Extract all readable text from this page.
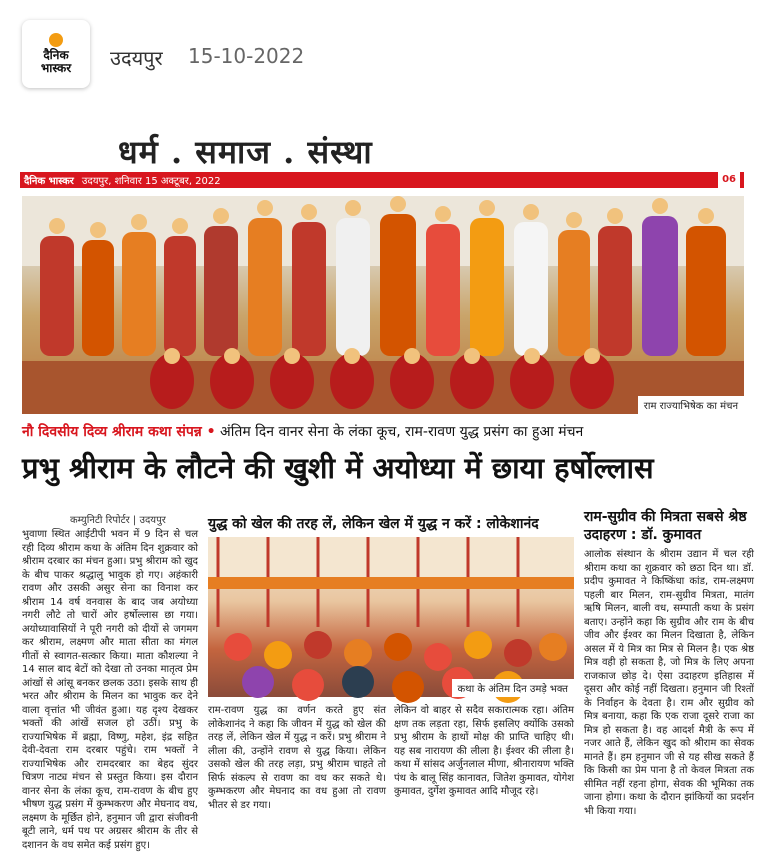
दैनिक
भास्कर उदयपुर 15-10-2022
धर्म . समाज . संस्था
दैनिक भास्कर उदयपुर, शनिवार 15 अक्टूबर, 2022	06
राम राज्याभिषेक का मंचन
नौ दिवसीय दिव्य श्रीराम कथा संपन्न • अंतिम दिन वानर सेना के लंका कूच, राम-रावण युद्ध प्रसंग का हुआ मंचन
प्रभु श्रीराम के लौटने की खुशी में अयोध्या में छाया हर्षोल्लास
कम्युनिटी रिपोर्टर | उदयपुर
भुवाणा स्थित आईटीपी भवन में 9 दिन से चल रही दिव्य श्रीराम कथा के अंतिम दिन शुक्रवार को श्रीराम दरबार का मंचन हुआ। प्रभु श्रीराम को खुद के बीच पाकर श्रद्धालु भावुक हो गए। अहंकारी रावण और उसकी असुर सेना का विनाश कर श्रीराम 14 वर्ष वनवास के बाद जब अयोध्या नगरी लौटे तो चारों ओर हर्षोल्लास छा गया। अयोध्यावासियों ने पूरी नगरी को दीयों से जगमग कर श्रीराम, लक्ष्मण और माता सीता का मंगल गीतों से स्वागत-सत्कार किया। माता कौशल्या ने 14 साल बाद बेटों को देखा तो उनका मातृत्व प्रेम आंखों से आंसू बनकर छलक उठा। इसके साथ ही भरत और श्रीराम के मिलन का भावुक कर देने वाला वृत्तांत भी जीवंत हुआ। यह दृश्य देखकर भक्तों की आंखें सजल हो उठीं। प्रभु के राज्याभिषेक में ब्रह्मा, विष्णु, महेश, इंद्र सहित देवी-देवता राम दरबार पहुंचे। राम भक्तों ने राज्याभिषेक और रामदरबार का बेहद सुंदर चित्रण नाट्य मंचन से प्रस्तुत किया। इस दौरान वानर सेना के लंका कूच, राम-रावण के बीच हुए भीषण युद्ध प्रसंग में कुम्भकरण और मेघनाद वध, लक्ष्मण के मूर्छित होने, हनुमान जी द्वारा संजीवनी बूटी लाने, धर्म पथ पर अग्रसर श्रीराम के तीर से दशानन के वध समेत कई प्रसंग हुए।
युद्ध को खेल की तरह लें, लेकिन खेल में युद्ध न करें : लोकेशानंद
कथा के अंतिम दिन उमड़े भक्त
राम-रावण युद्ध का वर्णन करते हुए संत लोकेशानंद ने कहा कि जीवन में युद्ध को खेल की तरह लें, लेकिन खेल में युद्ध न करें। प्रभु श्रीराम ने लीला की, उन्होंने रावण से युद्ध किया। लेकिन उसको खेल की तरह लड़ा, प्रभु श्रीराम चाहते तो सिर्फ संकल्प से रावण का वध कर सकते थे। कुम्भकरण और मेघनाद का वध हुआ तो रावण भीतर से डर गया।
लेकिन वो बाहर से सदैव सकारात्मक रहा। अंतिम क्षण तक लड़ता रहा, सिर्फ इसलिए क्योंकि उसको प्रभु श्रीराम के हाथों मोक्ष की प्राप्ति चाहिए थी। यह सब नारायण की लीला है। ईश्वर की लीला है। कथा में सांसद अर्जुनलाल मीणा, श्रीनारायण भक्ति पंथ के बालू सिंह कानावत, जितेश कुमावत, योगेश कुमावत, दुर्गेश कुमावत आदि मौजूद रहे।
राम-सुग्रीव की मित्रता सबसे श्रेष्ठ उदाहरण : डॉ. कुमावत
आलोक संस्थान के श्रीराम उद्यान में चल रही श्रीराम कथा का शुक्रवार को छठा दिन था। डॉ. प्रदीप कुमावत ने किष्किंधा कांड, राम-लक्ष्मण पहली बार मिलन, राम-सुग्रीव मित्रता, मातंग ऋषि मिलन, बाली वध, सम्पाती कथा के प्रसंग बताए। उन्होंने कहा कि सुग्रीव और राम के बीच जीव और ईश्वर का मिलन दिखाता है, लेकिन असल में ये मित्र का मित्र से मिलन है। एक श्रेष्ठ मित्र वही हो सकता है, जो मित्र के लिए अपना राजकाज छोड़ दे। ऐसा उदाहरण इतिहास में दूसरा और कोई नहीं दिखता। हनुमान जी रिश्तों के निर्वाहन के देवता है। राम और सुग्रीव को मित्र बनाया, कहा कि एक राजा दूसरे राजा का मित्र हो सकता है। वह आदर्श मैत्री के रूप में नजर आते हैं, लेकिन खुद को श्रीराम का सेवक मानते हैं। हम हनुमान जी से यह सीख सकते हैं कि किसी का प्रेम पाना है तो केवल मित्रता तक सीमित नहीं रहना होगा, सेवक की भूमिका तक जाना होगा। कथा के दौरान झांकियों का प्रदर्शन भी किया गया।
